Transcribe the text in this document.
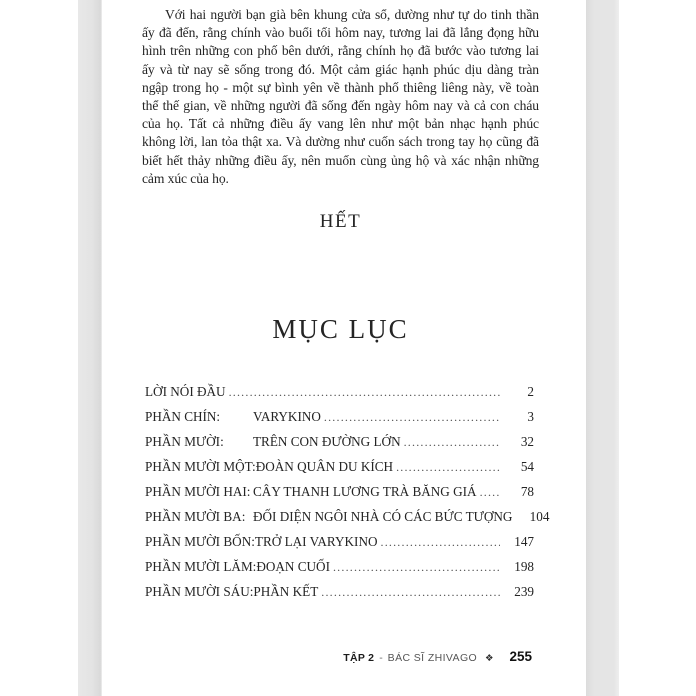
Với hai người bạn già bên khung cửa sổ, dường như tự do tinh thần ấy đã đến, rằng chính vào buổi tối hôm nay, tương lai đã lắng đọng hữu hình trên những con phố bên dưới, rằng chính họ đã bước vào tương lai ấy và từ nay sẽ sống trong đó. Một cảm giác hạnh phúc dịu dàng tràn ngập trong họ - một sự bình yên về thành phố thiêng liêng này, về toàn thể thế gian, về những người đã sống đến ngày hôm nay và cả con cháu của họ. Tất cả những điều ấy vang lên như một bản nhạc hạnh phúc không lời, lan tỏa thật xa. Và dường như cuốn sách trong tay họ cũng đã biết hết thảy những điều ấy, nên muốn cùng ủng hộ và xác nhận những cảm xúc của họ.

HẾT
MỤC LỤC
LỜI NÓI ĐẦU .....	2
PHẦN CHÍN:	VARYKINO .....	3
PHẦN MƯỜI:	TRÊN CON ĐƯỜNG LỚN .....	32
PHẦN MƯỜI MỘT: ĐOÀN QUÂN DU KÍCH .....	54
PHẦN MƯỜI HAI: CÂY THANH LƯƠNG TRÀ BĂNG GIÁ .....	78
PHẦN MƯỜI BA: ĐỐI DIỆN NGÔI NHÀ CÓ CÁC BỨC TƯỢNG	104
PHẦN MƯỜI BỐN: TRỞ LẠI VARYKINO .....	147
PHẦN MƯỜI LĂM: ĐOẠN CUỐI .....	198
PHẦN MƯỜI SÁU: PHẦN KẾT .....	239
TẬP 2 - BÁC SĨ ZHIVAGO ❖ 255
